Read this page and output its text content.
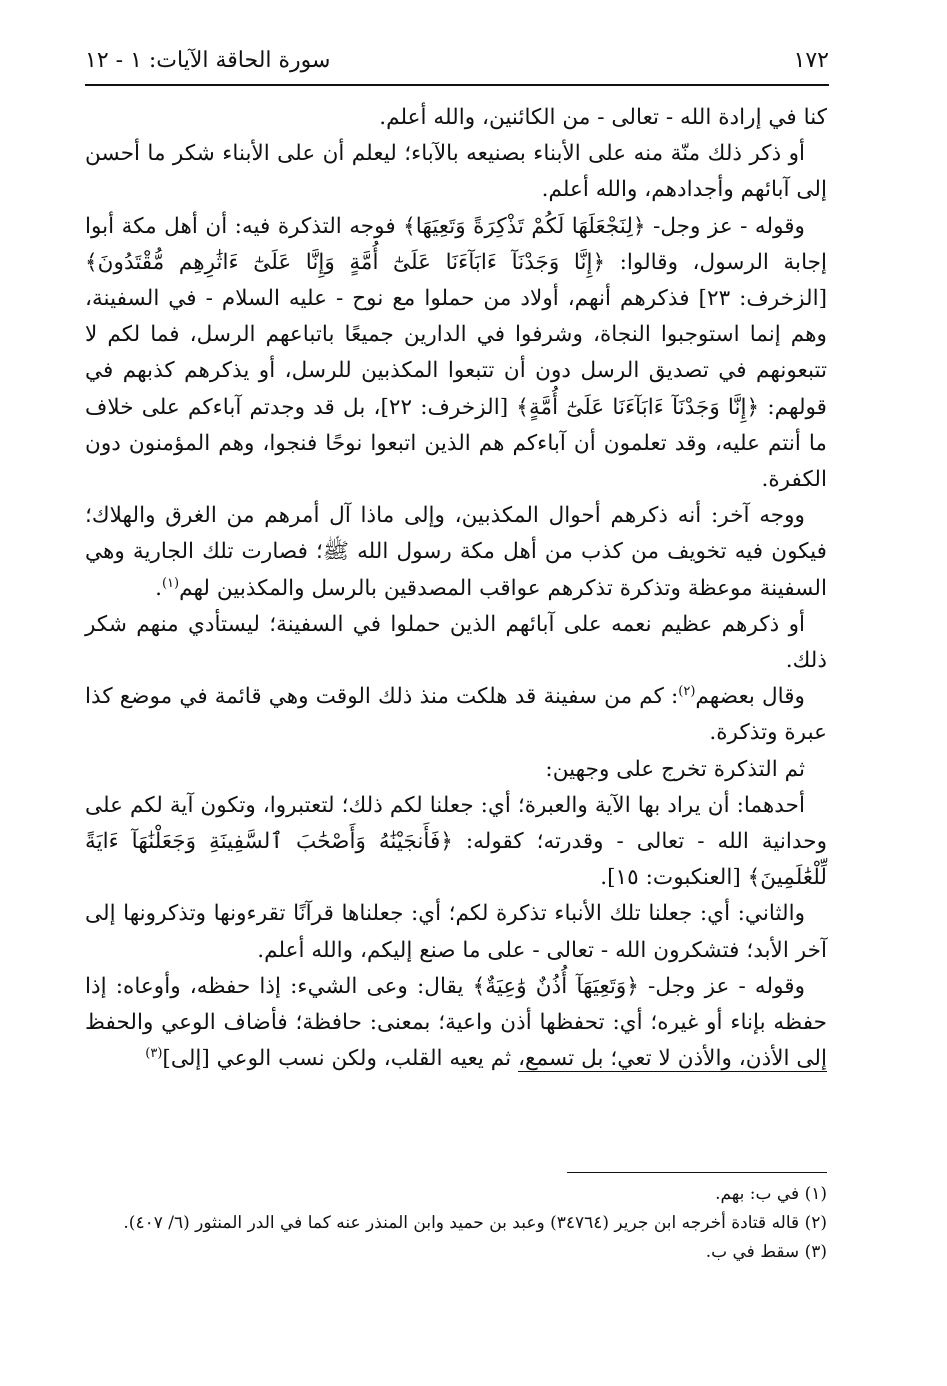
١٧٢
سورة الحاقة الآيات: ١ - ١٢

كنا في إرادة الله - تعالى - من الكائنين، والله أعلم.

أو ذكر ذلك منّة منه على الأبناء بصنيعه بالآباء؛ ليعلم أن على الأبناء شكر ما أحسن إلى آبائهم وأجدادهم، والله أعلم.

وقوله - عز وجل- ﴿لِنَجْعَلَهَا لَكُمْ تَذْكِرَةً وَتَعِيَهَا﴾ فوجه التذكرة فيه: أن أهل مكة أبوا إجابة الرسول، وقالوا: ﴿إِنَّا وَجَدْنَآ ءَابَآءَنَا عَلَىٰٓ أُمَّةٍ وَإِنَّا عَلَىٰٓ ءَاثَٰرِهِم مُّقْتَدُونَ﴾ [الزخرف: ٢٣] فذكرهم أنهم، أولاد من حملوا مع نوح - عليه السلام - في السفينة، وهم إنما استوجبوا النجاة، وشرفوا في الدارين جميعًا باتباعهم الرسل، فما لكم لا تتبعونهم في تصديق الرسل دون أن تتبعوا المكذبين للرسل، أو يذكرهم كذبهم في قولهم: ﴿إِنَّا وَجَدْنَآ ءَابَآءَنَا عَلَىٰٓ أُمَّةٍ﴾ [الزخرف: ٢٢]، بل قد وجدتم آباءكم على خلاف ما أنتم عليه، وقد تعلمون أن آباءكم هم الذين اتبعوا نوحًا فنجوا، وهم المؤمنون دون الكفرة.

ووجه آخر: أنه ذكرهم أحوال المكذبين، وإلى ماذا آل أمرهم من الغرق والهلاك؛ فيكون فيه تخويف من كذب من أهل مكة رسول الله ﷺ؛ فصارت تلك الجارية وهي السفينة موعظة وتذكرة تذكرهم عواقب المصدقين بالرسل والمكذبين لهم$^{(١)}$.

أو ذكرهم عظيم نعمه على آبائهم الذين حملوا في السفينة؛ ليستأدي منهم شكر ذلك.

وقال بعضهم$^{(٢)}$: كم من سفينة قد هلكت منذ ذلك الوقت وهي قائمة في موضع كذا عبرة وتذكرة.

ثم التذكرة تخرج على وجهين:

أحدهما: أن يراد بها الآية والعبرة؛ أي: جعلنا لكم ذلك؛ لتعتبروا، وتكون آية لكم على وحدانية الله - تعالى - وقدرته؛ كقوله: ﴿فَأَنجَيْنَٰهُ وَأَصْحَٰبَ ٱلسَّفِينَةِ وَجَعَلْنَٰهَآ ءَايَةً لِّلْعَٰلَمِينَ﴾ [العنكبوت: ١٥].

والثاني: أي: جعلنا تلك الأنباء تذكرة لكم؛ أي: جعلناها قرآنًا تقرءونها وتذكرونها إلى آخر الأبد؛ فتشكرون الله - تعالى - على ما صنع إليكم، والله أعلم.

وقوله - عز وجل- ﴿وَتَعِيَهَآ أُذُنٌ وَٰعِيَةٌ﴾ يقال: وعى الشيء: إذا حفظه، وأوعاه: إذا حفظه بإناء أو غيره؛ أي: تحفظها أذن واعية؛ بمعنى: حافظة؛ فأضاف الوعي والحفظ إلى الأذن، والأذن لا تعي؛ بل تسمع، ثم يعيه القلب، ولكن نسب الوعي [إلى]$^{(٣)}$

(١) في ب: بهم.
(٢) قاله قتادة أخرجه ابن جرير (٣٤٧٦٤) وعبد بن حميد وابن المنذر عنه كما في الدر المنثور (٦/ ٤٠٧).
(٣) سقط في ب.
